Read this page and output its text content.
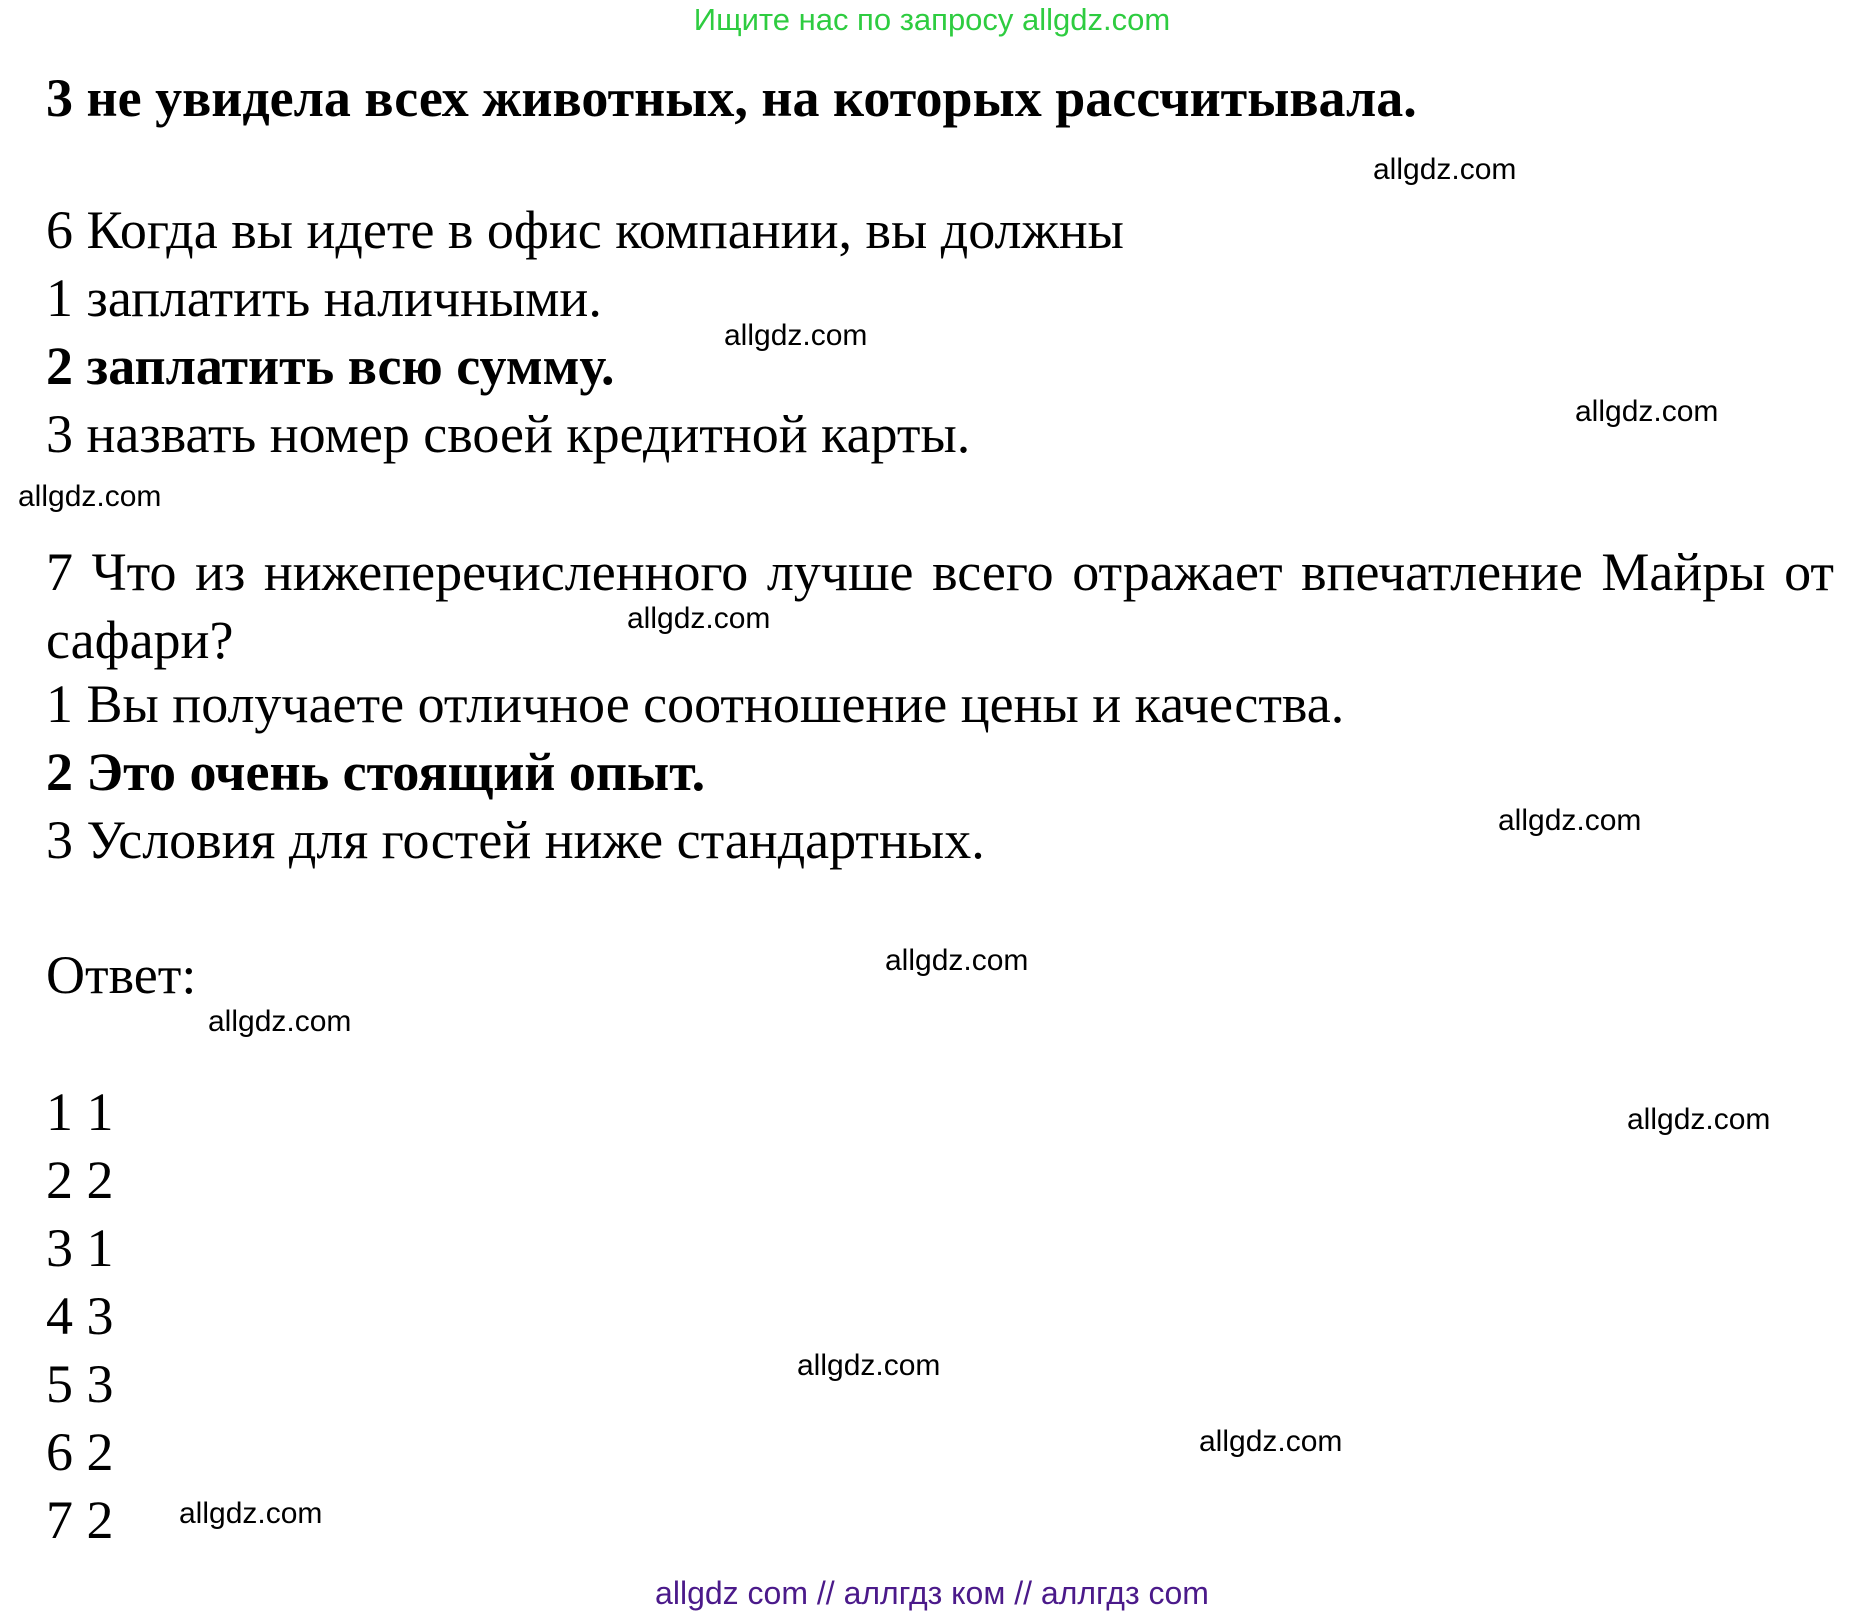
Ищите нас по запросу allgdz.com
3 не увидела всех животных, на которых рассчитывала.
6 Когда вы идете в офис компании, вы должны
1 заплатить наличными.
2 заплатить всю сумму.
3 назвать номер своей кредитной карты.
7 Что из нижеперечисленного лучше всего отражает впечатление Майры от сафари?
1 Вы получаете отличное соотношение цены и качества.
2 Это очень стоящий опыт.
3 Условия для гостей ниже стандартных.
Ответ:
1 1
2 2
3 1
4 3
5 3
6 2
7 2
allgdz.com
allgdz.com
allgdz.com
allgdz.com
allgdz.com
allgdz.com
allgdz.com
allgdz.com
allgdz.com
allgdz.com
allgdz.com
allgdz.com
allgdz com // аллгдз ком // аллгдз com
